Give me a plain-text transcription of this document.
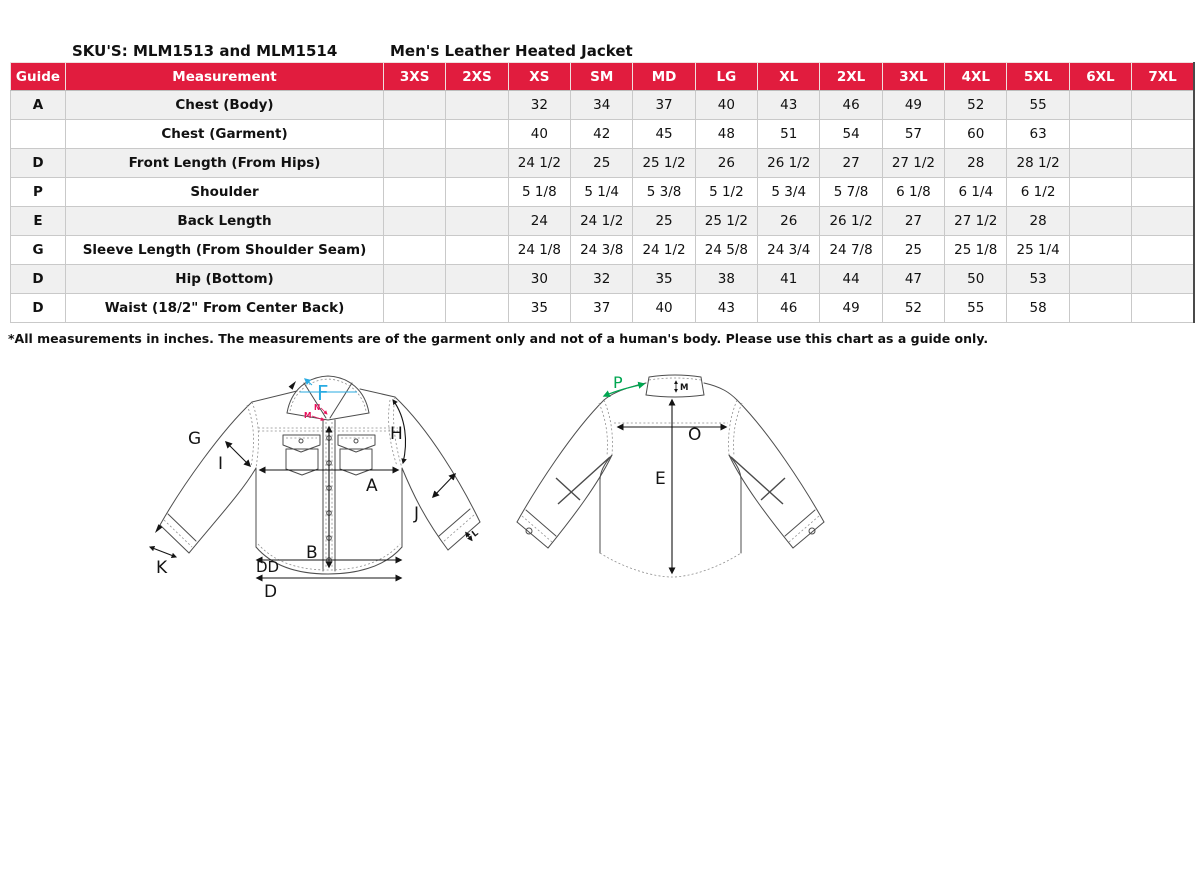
SKU'S: MLM1513 and MLM1514	Men's Leather Heated Jacket
Guide	Measurement	3XS	2XS	XS	SM	MD	LG	XL	2XL	3XL	4XL	5XL	6XL	7XL
A	Chest (Body)			32	34	37	40	43	46	49	52	55		
	Chest (Garment)			40	42	45	48	51	54	57	60	63		
D	Front Length (From Hips)			24 1/2	25	25 1/2	26	26 1/2	27	27 1/2	28	28 1/2		
P	Shoulder			5 1/8	5 1/4	5 3/8	5 1/2	5 3/4	5 7/8	6 1/8	6 1/4	6 1/2		
E	Back Length			24	24 1/2	25	25 1/2	26	26 1/2	27	27 1/2	28		
G	Sleeve Length (From Shoulder Seam)			24 1/8	24 3/8	24 1/2	24 5/8	24 3/4	24 7/8	25	25 1/8	25 1/4		
D	Hip (Bottom)			30	32	35	38	41	44	47	50	53		
D	Waist (18/2" From Center Back)			35	37	40	43	46	49	52	55	58		
*All measurements in inches. The measurements are of the garment only and not of a human's body. Please use this chart as a guide only.
F
G
I
H
A
J
K
B
DD
D
N
M
L
P	M
O
E
